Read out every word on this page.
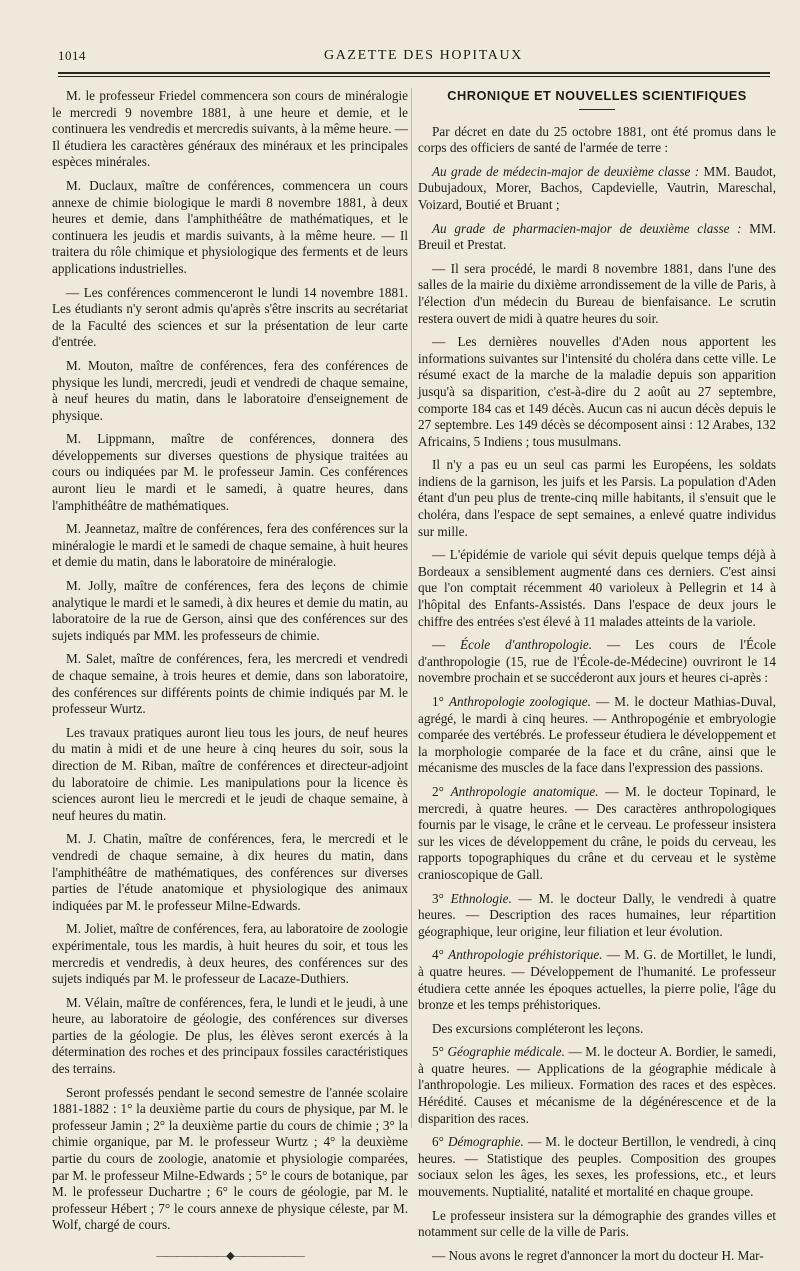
1014	GAZETTE DES HOPITAUX

M. le professeur Friedel commencera son cours de minéralogie le mercredi 9 novembre 1881, à une heure et demie, et le continuera les vendredis et mercredis suivants, à la même heure. — Il étudiera les caractères généraux des minéraux et les principales espèces minérales.

M. Duclaux, maître de conférences, commencera un cours annexe de chimie biologique le mardi 8 novembre 1881, à deux heures et demie, dans l'amphithéâtre de mathématiques, et le continuera les jeudis et mardis suivants, à la même heure. — Il traitera du rôle chimique et physiologique des ferments et de leurs applications industrielles.

— Les conférences commenceront le lundi 14 novembre 1881. Les étudiants n'y seront admis qu'après s'être inscrits au secrétariat de la Faculté des sciences et sur la présentation de leur carte d'entrée.

M. Mouton, maître de conférences, fera des conférences de physique les lundi, mercredi, jeudi et vendredi de chaque semaine, à neuf heures du matin, dans le laboratoire d'enseignement de physique.

M. Lippmann, maître de conférences, donnera des développements sur diverses questions de physique traitées au cours ou indiquées par M. le professeur Jamin. Ces conférences auront lieu le mardi et le samedi, à quatre heures, dans l'amphithéâtre de mathématiques.

M. Jeannetaz, maître de conférences, fera des conférences sur la minéralogie le mardi et le samedi de chaque semaine, à huit heures et demie du matin, dans le laboratoire de minéralogie.

M. Jolly, maître de conférences, fera des leçons de chimie analytique le mardi et le samedi, à dix heures et demie du matin, au laboratoire de la rue de Gerson, ainsi que des conférences sur des sujets indiqués par MM. les professeurs de chimie.

M. Salet, maître de conférences, fera, les mercredi et vendredi de chaque semaine, à trois heures et demie, dans son laboratoire, des conférences sur différents points de chimie indiqués par M. le professeur Wurtz.

Les travaux pratiques auront lieu tous les jours, de neuf heures du matin à midi et de une heure à cinq heures du soir, sous la direction de M. Riban, maître de conférences et directeur-adjoint du laboratoire de chimie. Les manipulations pour la licence ès sciences auront lieu le mercredi et le jeudi de chaque semaine, à neuf heures du matin.

M. J. Chatin, maître de conférences, fera, le mercredi et le vendredi de chaque semaine, à dix heures du matin, dans l'amphithéâtre de mathématiques, des conférences sur diverses parties de l'étude anatomique et physiologique des animaux indiquées par M. le professeur Milne-Edwards.

M. Joliet, maître de conférences, fera, au laboratoire de zoologie expérimentale, tous les mardis, à huit heures du soir, et tous les mercredis et vendredis, à deux heures, des conférences sur des sujets indiqués par M. le professeur de Lacaze-Duthiers.

M. Vélain, maître de conférences, fera, le lundi et le jeudi, à une heure, au laboratoire de géologie, des conférences sur diverses parties de la géologie. De plus, les élèves seront exercés à la détermination des roches et des principaux fossiles caractéristiques des terrains.

Seront professés pendant le second semestre de l'année scolaire 1881-1882 : 1° la deuxième partie du cours de physique, par M. le professeur Jamin ; 2° la deuxième partie du cours de chimie ; 3° la chimie organique, par M. le professeur Wurtz ; 4° la deuxième partie du cours de zoologie, anatomie et physiologie comparées, par M. le professeur Milne-Edwards ; 5° le cours de botanique, par M. le professeur Duchartre ; 6° le cours de géologie, par M. le professeur Hébert ; 7° le cours annexe de physique céleste, par M. Wolf, chargé de cours.

———————◆———————
CHRONIQUE ET NOUVELLES SCIENTIFIQUES

Par décret en date du 25 octobre 1881, ont été promus dans le corps des officiers de santé de l'armée de terre :

Au grade de médecin-major de deuxième classe : MM. Baudot, Dubujadoux, Morer, Bachos, Capdevielle, Vautrin, Mareschal, Voizard, Boutié et Bruant ;

Au grade de pharmacien-major de deuxième classe : MM. Breuil et Prestat.

— Il sera procédé, le mardi 8 novembre 1881, dans l'une des salles de la mairie du dixième arrondissement de la ville de Paris, à l'élection d'un médecin du Bureau de bienfaisance. Le scrutin restera ouvert de midi à quatre heures du soir.

— Les dernières nouvelles d'Aden nous apportent les informations suivantes sur l'intensité du choléra dans cette ville. Le résumé exact de la marche de la maladie depuis son apparition jusqu'à sa disparition, c'est-à-dire du 2 août au 27 septembre, comporte 184 cas et 149 décès. Aucun cas ni aucun décès depuis le 27 septembre. Les 149 décès se décomposent ainsi : 12 Arabes, 132 Africains, 5 Indiens ; tous musulmans.

Il n'y a pas eu un seul cas parmi les Européens, les soldats indiens de la garnison, les juifs et les Parsis. La population d'Aden étant d'un peu plus de trente-cinq mille habitants, il s'ensuit que le choléra, dans l'espace de sept semaines, a enlevé quatre individus sur mille.

— L'épidémie de variole qui sévit depuis quelque temps déjà à Bordeaux a sensiblement augmenté dans ces derniers. C'est ainsi que l'on comptait récemment 40 varioleux à Pellegrin et 14 à l'hôpital des Enfants-Assistés. Dans l'espace de deux jours le chiffre des entrées s'est élevé à 11 malades atteints de la variole.

— École d'anthropologie. — Les cours de l'École d'anthropologie (15, rue de l'École-de-Médecine) ouvriront le 14 novembre prochain et se succéderont aux jours et heures ci-après :

1° Anthropologie zoologique. — M. le docteur Mathias-Duval, agrégé, le mardi à cinq heures. — Anthropogénie et embryologie comparée des vertébrés. Le professeur étudiera le développement et la morphologie comparée de la face et du crâne, ainsi que le mécanisme des muscles de la face dans l'expression des passions.

2° Anthropologie anatomique. — M. le docteur Topinard, le mercredi, à quatre heures. — Des caractères anthropologiques fournis par le visage, le crâne et le cerveau. Le professeur insistera sur les vices de développement du crâne, le poids du cerveau, les rapports topographiques du crâne et du cerveau et le système cranioscopique de Gall.

3° Ethnologie. — M. le docteur Dally, le vendredi à quatre heures. — Description des races humaines, leur répartition géographique, leur origine, leur filiation et leur évolution.

4° Anthropologie préhistorique. — M. G. de Mortillet, le lundi, à quatre heures. — Développement de l'humanité. Le professeur étudiera cette année les époques actuelles, la pierre polie, l'âge du bronze et les temps préhistoriques.

Des excursions compléteront les leçons.

5° Géographie médicale. — M. le docteur A. Bordier, le samedi, à quatre heures. — Applications de la géographie médicale à l'anthropologie. Les milieux. Formation des races et des espèces. Hérédité. Causes et mécanisme de la dégénérescence et de la disparition des races.

6° Démographie. — M. le docteur Bertillon, le vendredi, à cinq heures. — Statistique des peuples. Composition des groupes sociaux selon les âges, les sexes, les professions, etc., et leurs mouvements. Nuptialité, natalité et mortalité en chaque groupe.

Le professeur insistera sur la démographie des grandes villes et notamment sur celle de la ville de Paris.

— Nous avons le regret d'annoncer la mort du docteur H. Mar-
